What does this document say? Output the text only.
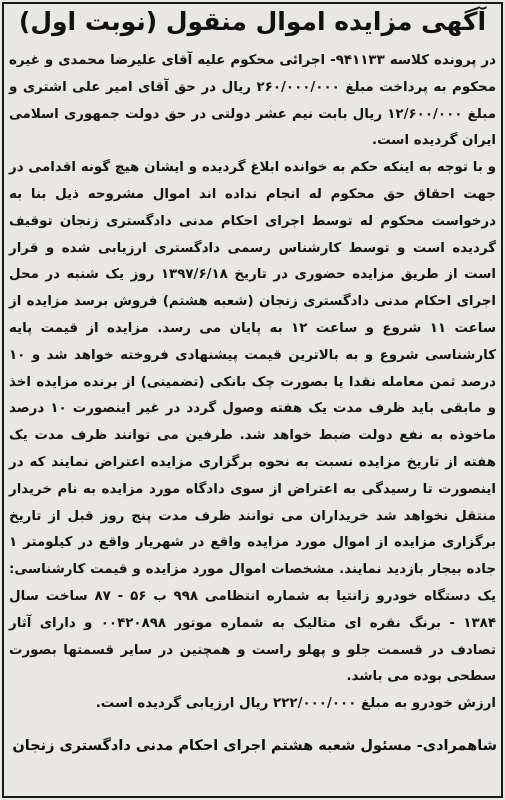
آگهی مزایده اموال منقول (نوبت اول)

در پرونده کلاسه ۹۴۱۱۳۳- اجرائی محکوم علیه آقای علیرضا محمدی و غیره محکوم به پرداخت مبلغ ۲۶۰/۰۰۰/۰۰۰ ریال در حق آقای امیر علی اشتری و مبلغ ۱۲/۶۰۰/۰۰۰ ریال بابت نیم عشر دولتی در حق دولت جمهوری اسلامی ایران گردیده است.

و با توجه به اینکه حکم به خوانده ابلاغ گردیده و ایشان هیچ گونه اقدامی در جهت احقاق حق محکوم له انجام نداده اند اموال مشروحه ذیل بنا به درخواست محکوم له توسط اجرای احکام مدنی دادگستری زنجان توقیف گردیده است و توسط کارشناس رسمی دادگستری ارزیابی شده و قرار است از طریق مزایده حضوری در تاریخ ۱۳۹۷/۶/۱۸ روز یک شنبه در محل اجرای احکام مدنی دادگستری زنجان (شعبه هشتم) فروش برسد مزایده از ساعت ۱۱ شروع و ساعت ۱۲ به پایان می رسد. مزایده از قیمت پایه کارشناسی شروع و به بالاترین قیمت پیشنهادی فروخته خواهد شد و ۱۰ درصد ثمن معامله نقدا یا بصورت چک بانکی (تضمینی) از برنده مزایده اخذ و مابقی باید ظرف مدت یک هفته وصول گردد در غیر اینصورت ۱۰ درصد ماخوذه به نفع دولت ضبط خواهد شد. طرفین می توانند ظرف مدت یک هفته از تاریخ مزایده نسبت به نحوه برگزاری مزایده اعتراض نمایند که در اینصورت تا رسیدگی به اعتراض از سوی دادگاه مورد مزایده به نام خریدار منتقل نخواهد شد خریداران می توانند ظرف مدت پنج روز قبل از تاریخ برگزاری مزایده از اموال مورد مزایده واقع در شهریار واقع در کیلومتر ۱ جاده بیجار بازدید نمایند. مشخصات اموال مورد مزایده و قیمت کارشناسی: یک دستگاه خودرو زانتیا به شماره انتظامی ۹۹۸ ب ۵۶ - ۸۷ ساخت سال ۱۳۸۴ - برنگ نقره ای متالیک به شماره موتور ۰۰۴۲۰۸۹۸ و دارای آثار تصادف در قسمت جلو و پهلو راست و همچنین در سایر قسمتها بصورت سطحی بوده می باشد.

ارزش خودرو به مبلغ ۲۲۲/۰۰۰/۰۰۰ ریال ارزیابی گردیده است.

شاهمرادی- مسئول شعبه هشتم اجرای احکام مدنی دادگستری زنجان
